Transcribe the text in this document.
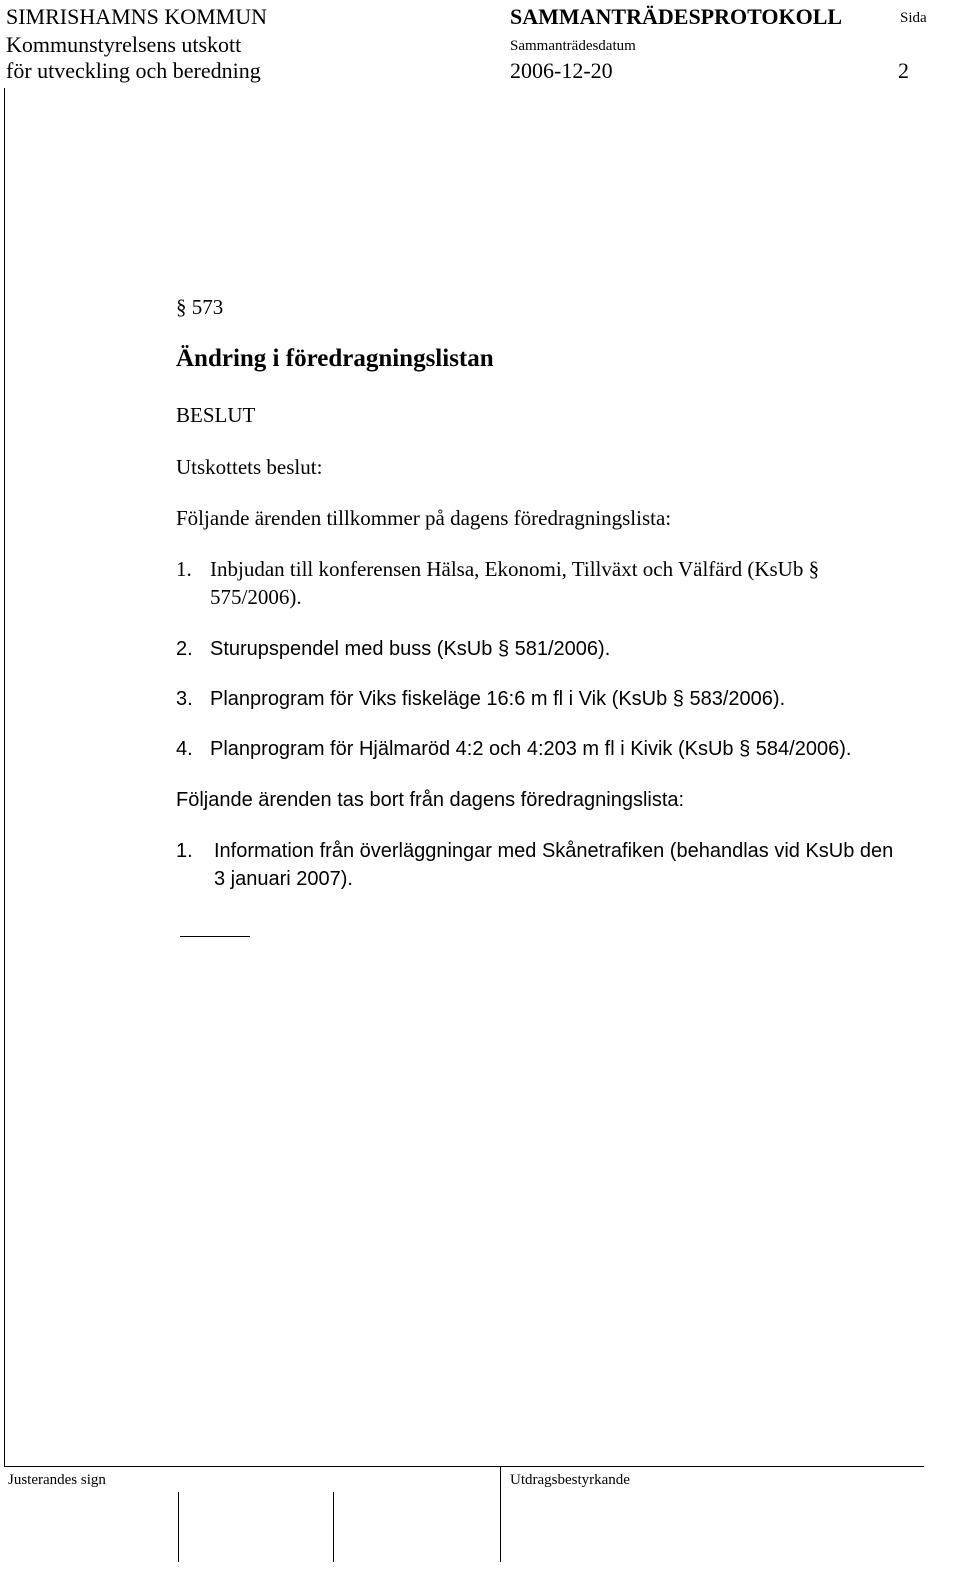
SIMRISHAMNS KOMMUN
Kommunstyrelsens utskott
för utveckling och beredning
SAMMANTRÄDESPROTOKOLL	Sida
Sammanträdesdatum
2006-12-20	2
§ 573
Ändring i föredragningslistan
BESLUT
Utskottets beslut:
Följande ärenden tillkommer på dagens föredragningslista:
1. Inbjudan till konferensen Hälsa, Ekonomi, Tillväxt och Välfärd (KsUb §
575/2006).
2. Sturupspendel med buss (KsUb § 581/2006).
3. Planprogram för Viks fiskeläge 16:6 m fl i Vik (KsUb § 583/2006).
4. Planprogram för Hjälmaröd 4:2 och 4:203 m fl i Kivik (KsUb § 584/2006).
Följande ärenden tas bort från dagens föredragningslista:
1. Information från överläggningar med Skånetrafiken (behandlas vid KsUb den
3 januari 2007).
Justerandes sign	Utdragsbestyrkande
